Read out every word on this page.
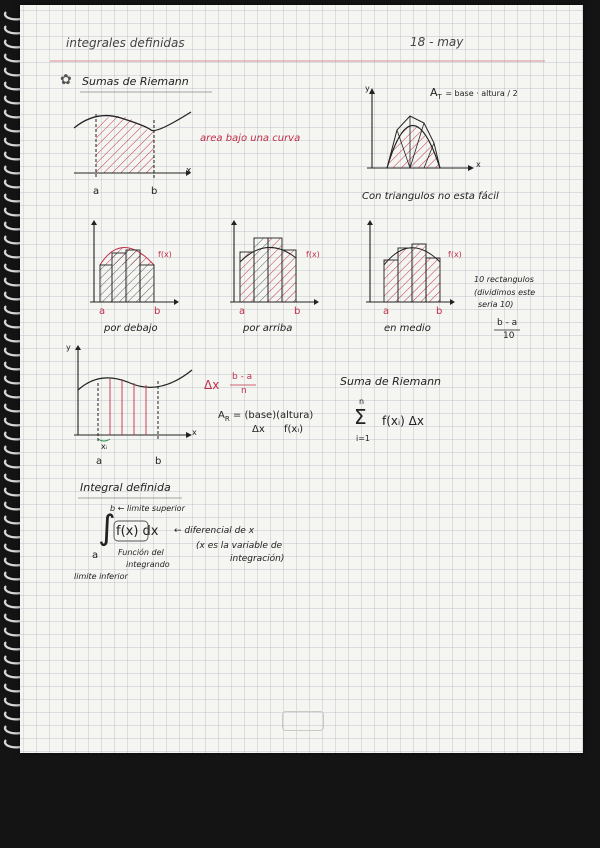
integrales definidas	18 - may
✿ Sumas de Riemann
x
a	b
area bajo una curva
$A_T$ = base · altura / 2
y
x
Con triangulos no esta fácil
f(x)
a	b
por debajo
f(x)
a	b
por arriba
f(x)
a	b
en medio
10 rectangulos
(dividimos este
seria 10)
b - a
10
y
x
xᵢ
a	b
Δx
b - a
n
$A_R$ = (base)(altura)
Δx f(xᵢ)
Suma de Riemann
n
Σ f(xᵢ) Δx
i=1
Integral definida
b ← limite superior
∫ f(x) dx ← diferencial de x
(x es la variable de
integración)
Función del
integrando
a
limite inferior
